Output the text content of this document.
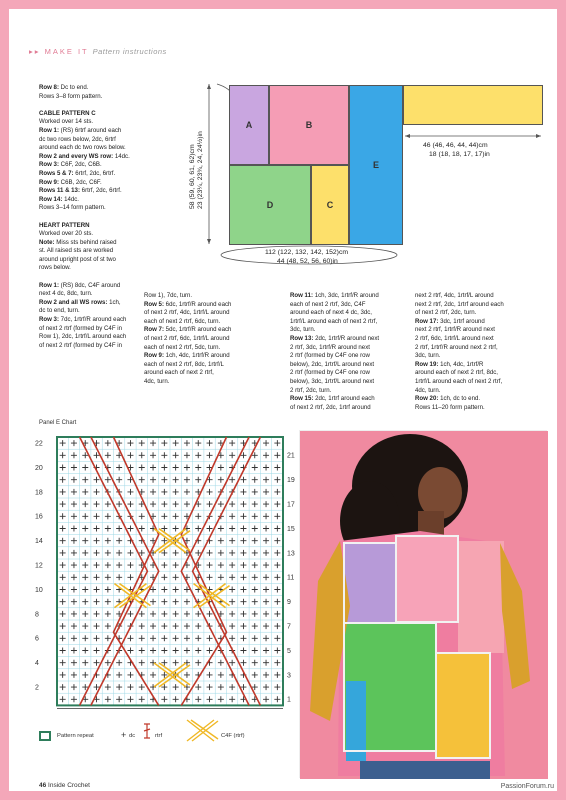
▸▸ MAKE IT Pattern instructions

Row 8: Dc to end.

Rows 3–8 form pattern.

CABLE PATTERN C

Worked over 14 sts.

Row 1: (RS) 6rtrf around each

dc two rows below, 2dc, 6rtrf

around each dc two rows below.

Row 2 and every WS row: 14dc.

Row 3: C6F, 2dc, C6B.

Rows 5 & 7: 6rtrf, 2dc, 6rtrf.

Row 9: C6B, 2dc, C6F.

Rows 11 & 13: 6rtrf, 2dc, 6rtrf.

Row 14: 14dc.

Rows 3–14 form pattern.

HEART PATTERN

Worked over 20 sts.

Note: Miss sts behind raised

st. All raised sts are worked

around upright post of st two

rows below.

Row 1: (RS) 8dc, C4F around

next 4 dc, 8dc, turn.

Row 2 and all WS rows: 1ch,

dc to end, turn.

Row 3: 7dc, 1rtrf/R around each

of next 2 rtrf (formed by C4F in

Row 1), 2dc, 1rtrf/L around each

of next 2 rtrf (formed by C4F in

A	B
E
D	C
58 (59, 60, 61, 62)cm 23 (23¼, 23¾, 24, 24½)in	46 (46, 46, 44, 44)cm
18 (18, 18, 17, 17)in
112 (122, 132, 142, 152)cm
44 (48, 52, 56, 60)in

Row 1), 7dc, turn.

Row 5: 6dc, 1rtrf/R around each

of next 2 rtrf, 4dc, 1rtrf/L around

each of next 2 rtrf, 6dc, turn.

Row 7: 5dc, 1rtrf/R around each

of next 2 rtrf, 6dc, 1rtrf/L around

each of next 2 rtrf, 5dc, turn.

Row 9: 1ch, 4dc, 1rtrf/R around

each of next 2 rtrf, 8dc, 1rtrf/L

around each of next 2 rtrf,

4dc, turn.

Row 11: 1ch, 3dc, 1rtrf/R around

each of next 2 rtrf, 3dc, C4F

around each of next 4 dc, 3dc,

1rtrf/L around each of next 2 rtrf,

3dc, turn.

Row 13: 2dc, 1rtrf/R around next

2 rtrf, 3dc, 1rtrf/R around next

2 rtrf (formed by C4F one row

below), 2dc, 1rtrf/L around next

2 rtrf (formed by C4F one row

below), 3dc, 1rtrf/L around next

2 rtrf, 2dc, turn.

Row 15: 2dc, 1rtrf around each

of next 2 rtrf, 2dc, 1rtrf around

next 2 rtrf, 4dc, 1rtrf/L around

next 2 rtrf, 2dc, 1rtrf around each

of next 2 rtrf, 2dc, turn.

Row 17: 3dc, 1rtrf around

next 2 rtrf, 1rtrf/R around next

2 rtrf, 6dc, 1rtrf/L around next

2 rtrf, 1rtrf/R around next 2 rtrf,

3dc, turn.

Row 19: 1ch, 4dc, 1rtrf/R

around each of next 2 rtrf, 8dc,

1rtrf/L around each of next 2 rtrf,

4dc, turn.

Row 20: 1ch, dc to end.

Rows 11–20 form pattern.

Panel E Chart
22
20
18
16
14
12
10
8
6
4
2
21
19
17
15
13
11
9
7
5
3
1
Pattern repeat	+ dc	rtrf	C4F (rtrf)
46 Inside Crochet	PassionForum.ru
